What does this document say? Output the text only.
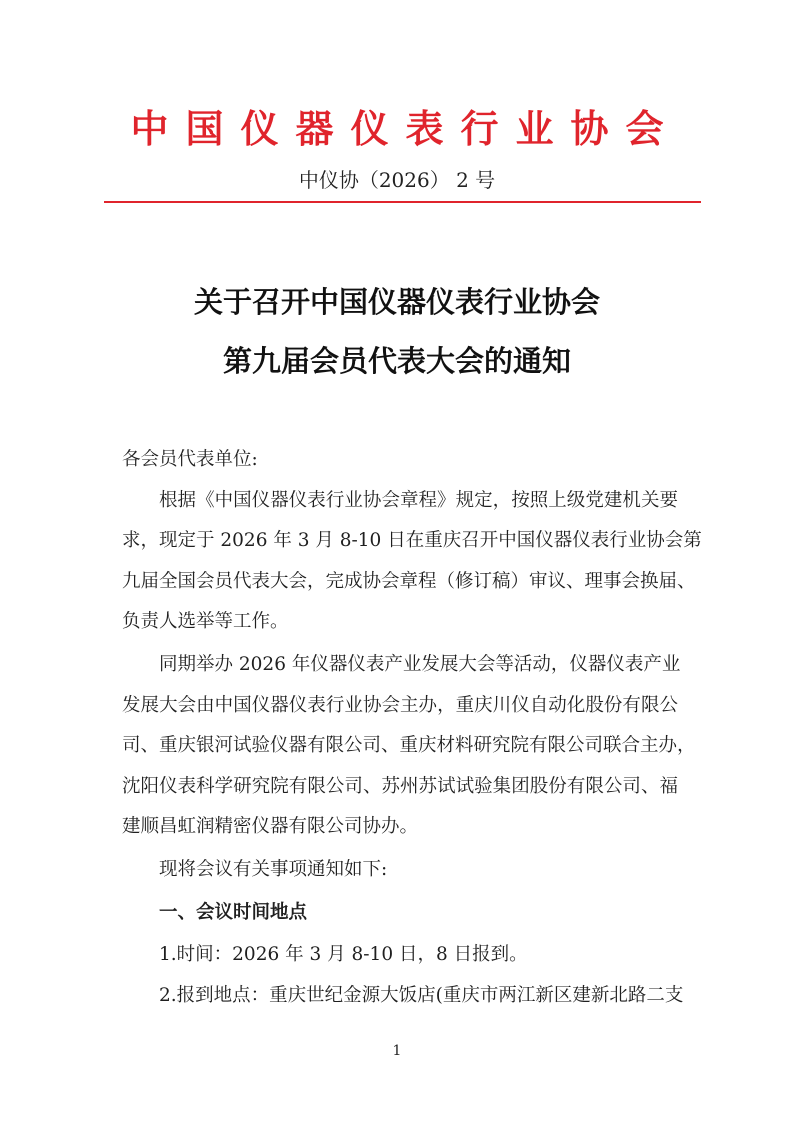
中国仪器仪表行业协会
中仪协（2026） 2 号
关于召开中国仪器仪表行业协会
第九届会员代表大会的通知
各会员代表单位:
根据《中国仪器仪表行业协会章程》规定，按照上级党建机关要
求，现定于 2026 年 3 月 8-10 日在重庆召开中国仪器仪表行业协会第
九届全国会员代表大会，完成协会章程（修订稿）审议、理事会换届、
负责人选举等工作。
同期举办 2026 年仪器仪表产业发展大会等活动，仪器仪表产业
发展大会由中国仪器仪表行业协会主办，重庆川仪自动化股份有限公
司、重庆银河试验仪器有限公司、重庆材料研究院有限公司联合主办，
沈阳仪表科学研究院有限公司、苏州苏试试验集团股份有限公司、福
建顺昌虹润精密仪器有限公司协办。
现将会议有关事项通知如下:
一、会议时间地点
1.时间：2026 年 3 月 8-10 日，8 日报到。
2.报到地点：重庆世纪金源大饭店(重庆市两江新区建新北路二支
1
